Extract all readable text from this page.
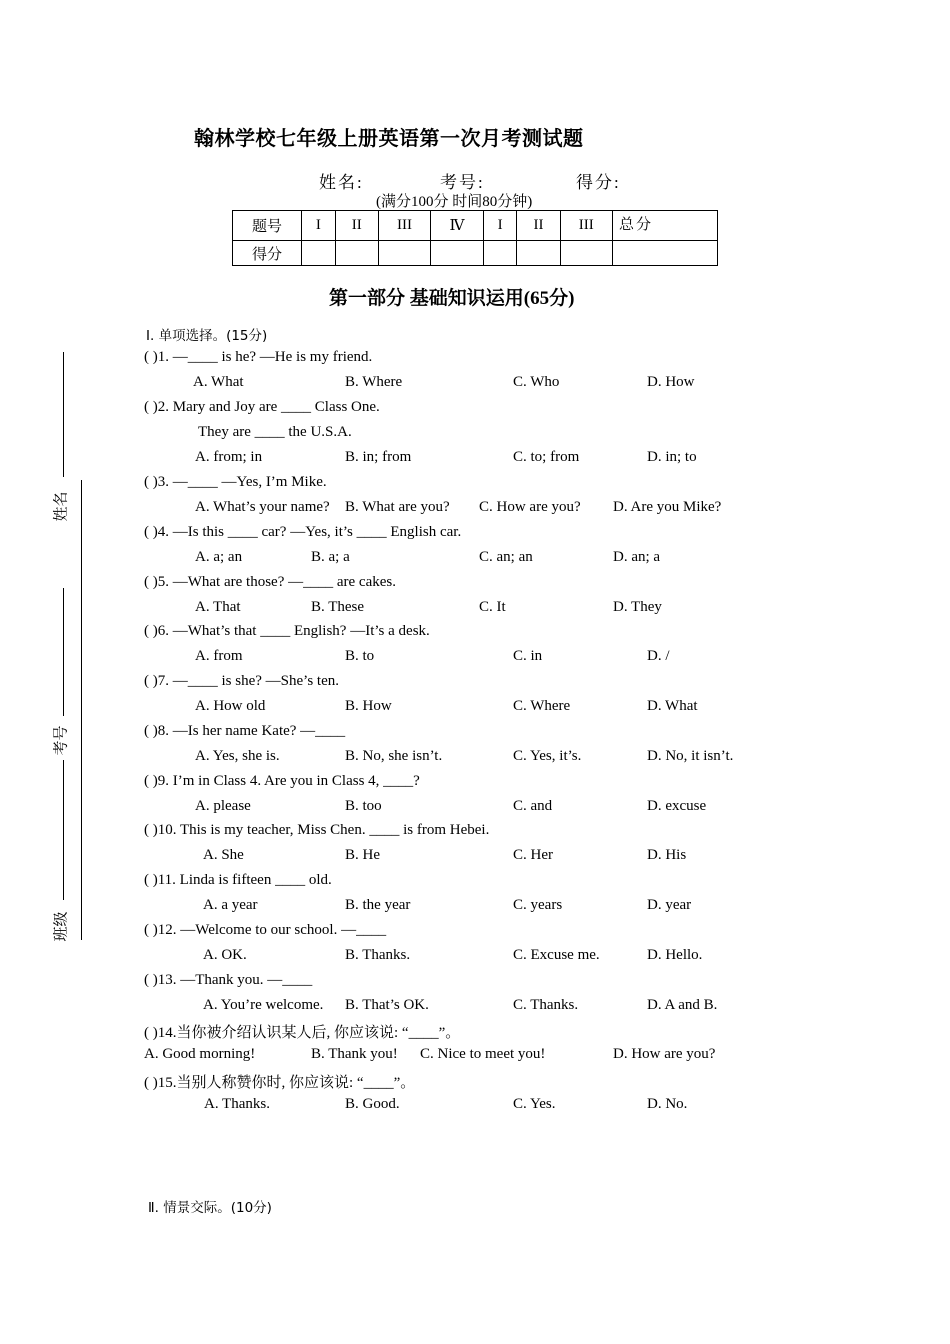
翰林学校七年级上册英语第一次月考测试题
姓名:	考号:	得分:
(满分100分 时间80分钟)
题号	I	II	III	Ⅳ	I	II	III	总分
得分								
第一部分 基础知识运用(65分)
Ⅰ. 单项选择。(15分)
( )1. —____ is he? —He is my friend.
A. What	B. Where	C. Who	D. How
( )2. Mary and Joy are ____ Class One.
They are ____ the U.S.A.
A. from; in	B. in; from	C. to; from	D. in; to
( )3. —____ —Yes, I’m Mike.
A. What’s your name? B. What are you? C. How are you? D. Are you Mike?
( )4. —Is this ____ car? —Yes, it’s ____ English car.
A. a; an	B. a; a	C. an; an	D. an; a
( )5. —What are those? —____ are cakes.
A. That	B. These	C. It	D. They
( )6. —What’s that ____ English? —It’s a desk.
A. from	B. to	C. in	D. /
( )7. —____ is she? —She’s ten.
A. How old	B. How	C. Where	D. What
( )8. —Is her name Kate? —____
A. Yes, she is.	B. No, she isn’t.	C. Yes, it’s.	D. No, it isn’t.
( )9. I’m in Class 4. Are you in Class 4, ____?
A. please	B. too	C. and	D. excuse
( )10. This is my teacher, Miss Chen. ____ is from Hebei.
A. She	B. He	C. Her	D. His
( )11. Linda is fifteen ____ old.
A. a year	B. the year	C. years	D. year
( )12. —Welcome to our school. —____
A. OK.	B. Thanks.	C. Excuse me.	D. Hello.
( )13. —Thank you. —____
A. You’re welcome. B. That’s OK.	C. Thanks.	D. A and B.
( )14.当你被介绍认识某人后, 你应该说: “____”。
A. Good morning!	B. Thank you! C. Nice to meet you!	D. How are you?
( )15.当别人称赞你时, 你应该说: “____”。
A. Thanks.	B. Good.	C. Yes.	D. No.
Ⅱ. 情景交际。(10分)
姓名
考号
班级
